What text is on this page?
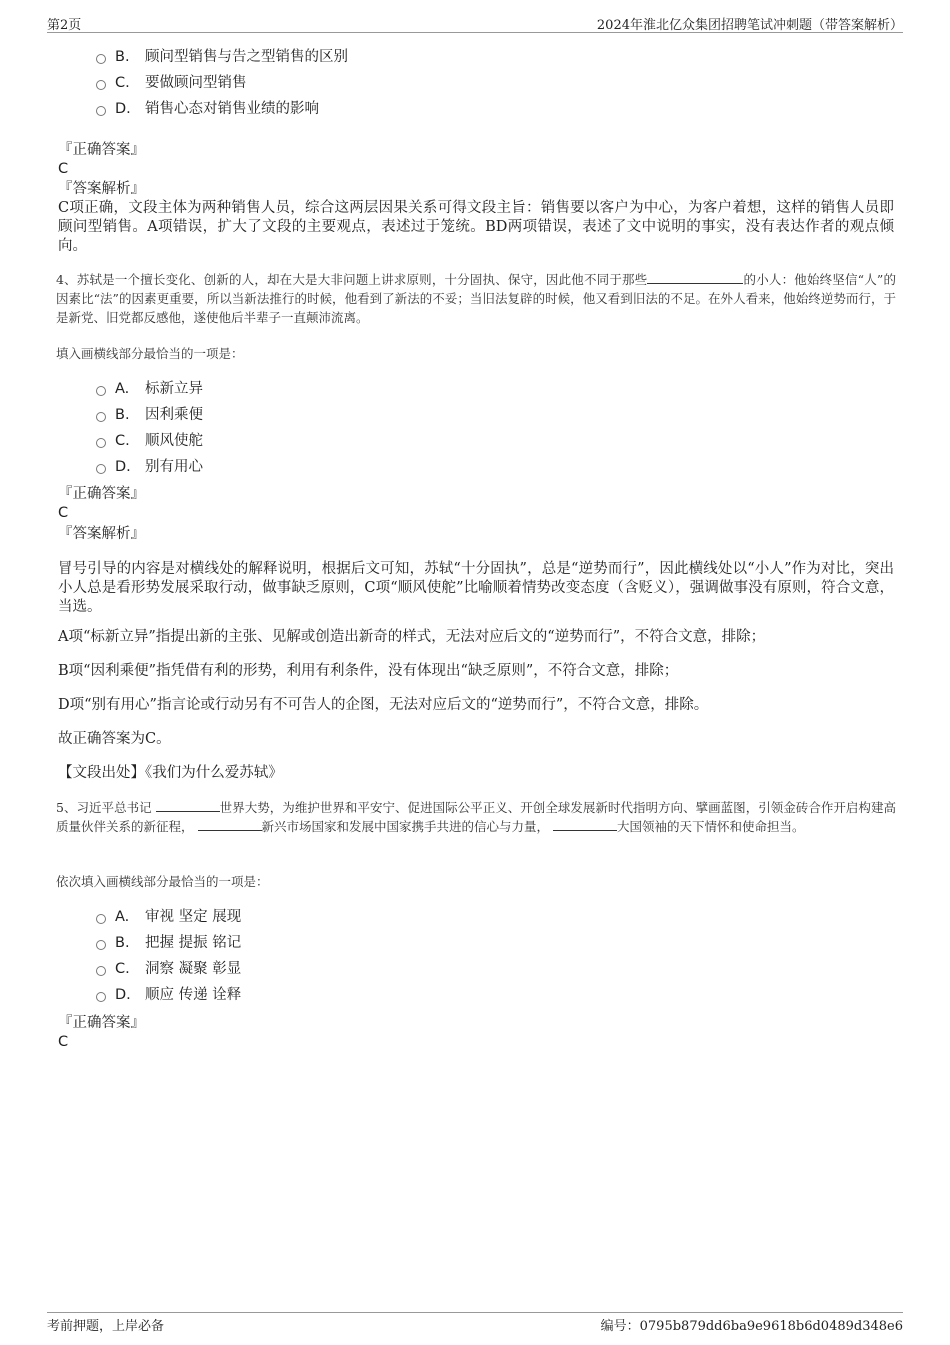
第2页	2024年淮北亿众集团招聘笔试冲刺题（带答案解析）
B. 顾问型销售与告之型销售的区别
C. 要做顾问型销售
D. 销售心态对销售业绩的影响
『正确答案』
C
『答案解析』
C项正确，文段主体为两种销售人员，综合这两层因果关系可得文段主旨：销售要以客户为中心，为客户着想，这样的销售人员即顾问型销售。A项错误，扩大了文段的主要观点，表述过于笼统。BD两项错误，表述了文中说明的事实，没有表达作者的观点倾向。
4、苏轼是一个擅长变化、创新的人，却在大是大非问题上讲求原则，十分固执、保守，因此他不同于那些	的小人：他始终坚信“人”的因素比“法”的因素更重要，所以当新法推行的时候，他看到了新法的不妥；当旧法复辟的时候，他又看到旧法的不足。在外人看来，他始终逆势而行，于是新党、旧党都反感他，遂使他后半辈子一直颠沛流离。
填入画横线部分最恰当的一项是：
A. 标新立异
B. 因利乘便
C. 顺风使舵
D. 别有用心
『正确答案』
C
『答案解析』
冒号引导的内容是对横线处的解释说明，根据后文可知，苏轼“十分固执”，总是“逆势而行”，因此横线处以“小人”作为对比，突出小人总是看形势发展采取行动，做事缺乏原则，C项“顺风使舵”比喻顺着情势改变态度（含贬义），强调做事没有原则，符合文意，当选。
A项“标新立异”指提出新的主张、见解或创造出新奇的样式，无法对应后文的“逆势而行”，不符合文意，排除；
B项“因利乘便”指凭借有利的形势，利用有利条件，没有体现出“缺乏原则”，不符合文意，排除；
D项“别有用心”指言论或行动另有不可告人的企图，无法对应后文的“逆势而行”，不符合文意，排除。
故正确答案为C。
【文段出处】《我们为什么爱苏轼》
5、习近平总书记	世界大势，为维护世界和平安宁、促进国际公平正义、开创全球发展新时代指明方向、擘画蓝图，引领金砖合作开启构建高质量伙伴关系的新征程，	新兴市场国家和发展中国家携手共进的信心与力量，	大国领袖的天下情怀和使命担当。
依次填入画横线部分最恰当的一项是：
A. 审视 坚定 展现
B. 把握 提振 铭记
C. 洞察 凝聚 彰显
D. 顺应 传递 诠释
『正确答案』
C
考前押题，上岸必备	编号：0795b879dd6ba9e9618b6d0489d348e6
